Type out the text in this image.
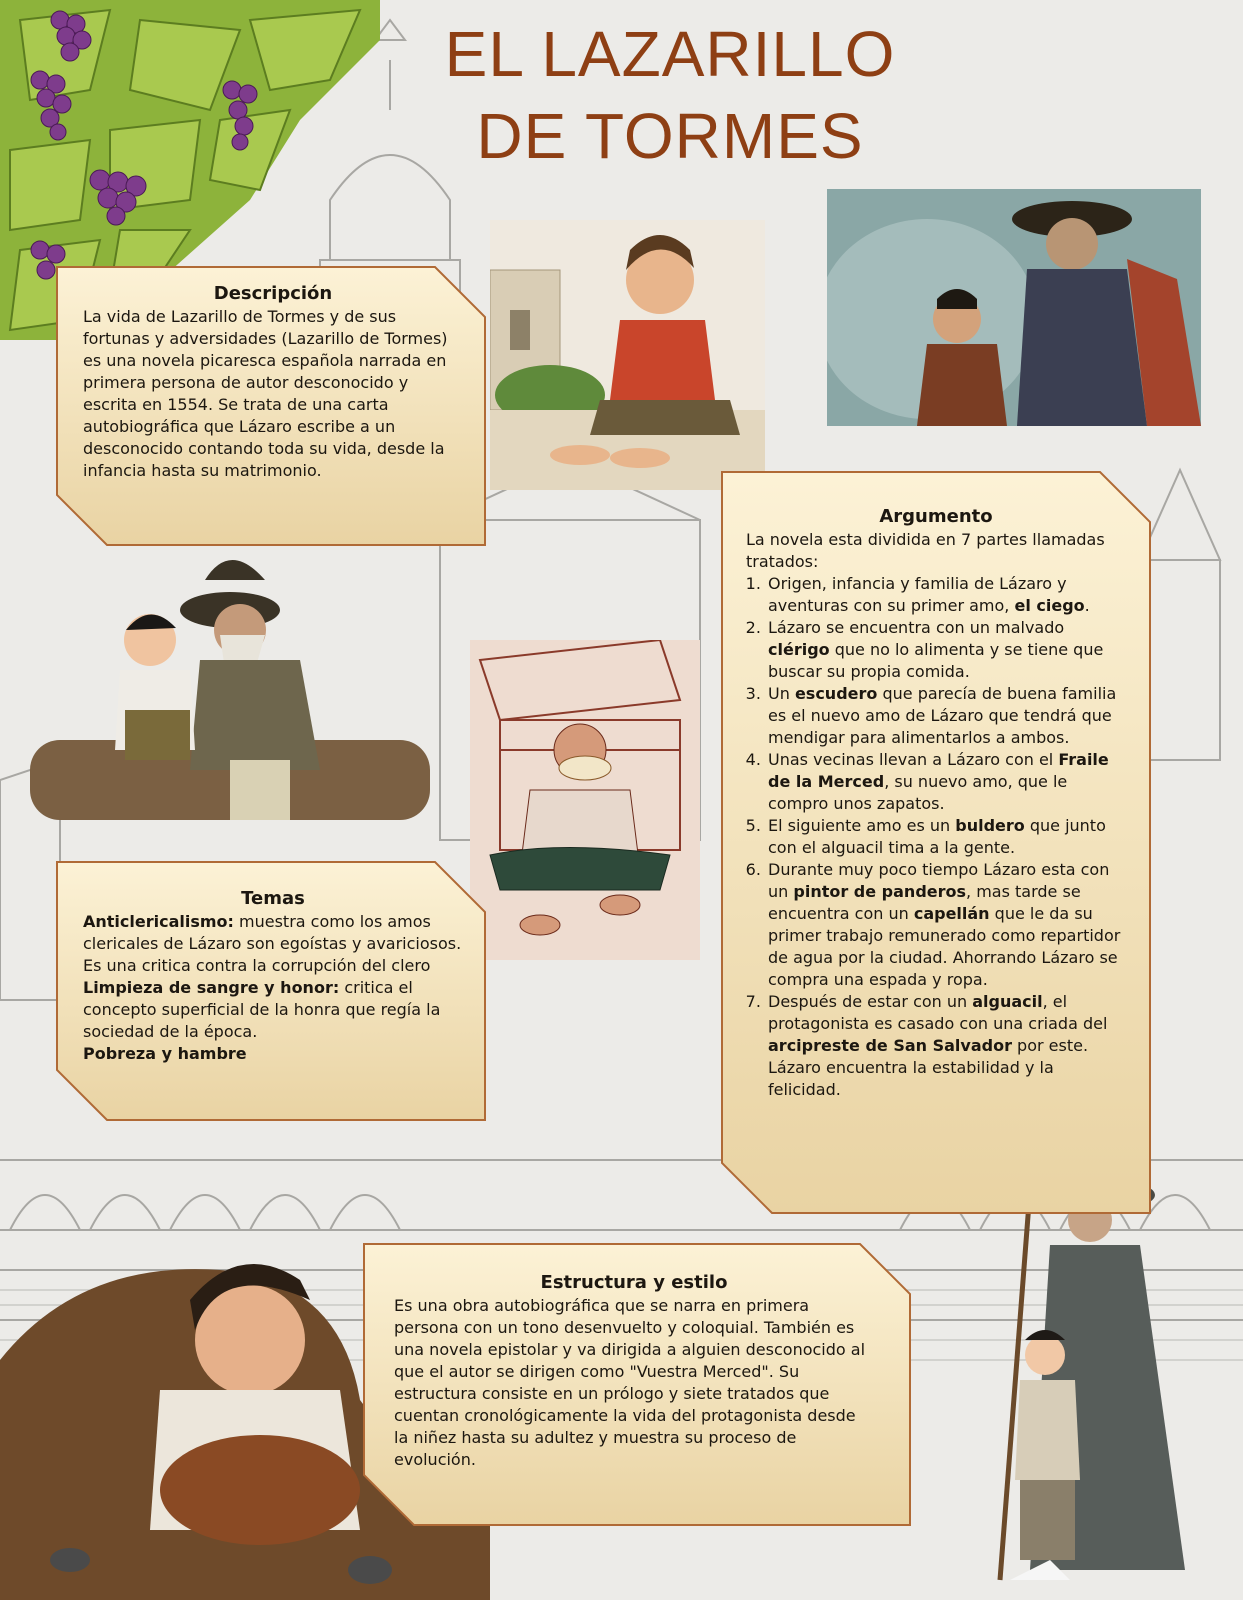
EL LAZARILLO
DE TORMES
Descripción

La vida de Lazarillo de Tormes y de sus fortunas y adversidades (Lazarillo de Tormes) es una novela picaresca española narrada en primera persona de autor desconocido y escrita en 1554. Se trata de una carta autobiográfica que Lázaro escribe a un desconocido contando toda su vida, desde la infancia hasta su matrimonio.

Temas
Anticlericalismo: muestra como los amos clericales de Lázaro son egoístas y avariciosos. Es una critica contra la corrupción del clero
Limpieza de sangre y honor: critica el concepto superficial de la honra que regía la sociedad de la época.
Pobreza y hambre
Argumento

La novela esta dividida en 7 partes llamadas tratados:

1. Origen, infancia y familia de Lázaro y aventuras con su primer amo, el ciego.
2. Lázaro se encuentra con un malvado clérigo que no lo alimenta y se tiene que buscar su propia comida.
3. Un escudero que parecía de buena familia es el nuevo amo de Lázaro que tendrá que mendigar para alimentarlos a ambos.
4. Unas vecinas llevan a Lázaro con el Fraile de la Merced, su nuevo amo, que le compro unos zapatos.
5. El siguiente amo es un buldero que junto con el alguacil tima a la gente.
6. Durante muy poco tiempo Lázaro esta con un pintor de panderos, mas tarde se encuentra con un capellán que le da su primer trabajo remunerado como repartidor de agua por la ciudad. Ahorrando Lázaro se compra una espada y ropa.
7. Después de estar con un alguacil, el protagonista es casado con una criada del arcipreste de San Salvador por este. Lázaro encuentra la estabilidad y la felicidad.
Estructura y estilo

Es una obra autobiográfica que se narra en primera persona con un tono desenvuelto y coloquial. También es una novela epistolar y va dirigida a alguien desconocido al que el autor se dirigen como "Vuestra Merced". Su estructura consiste en un prólogo y siete tratados que cuentan cronológicamente la vida del protagonista desde la niñez hasta su adultez y muestra su proceso de evolución.
